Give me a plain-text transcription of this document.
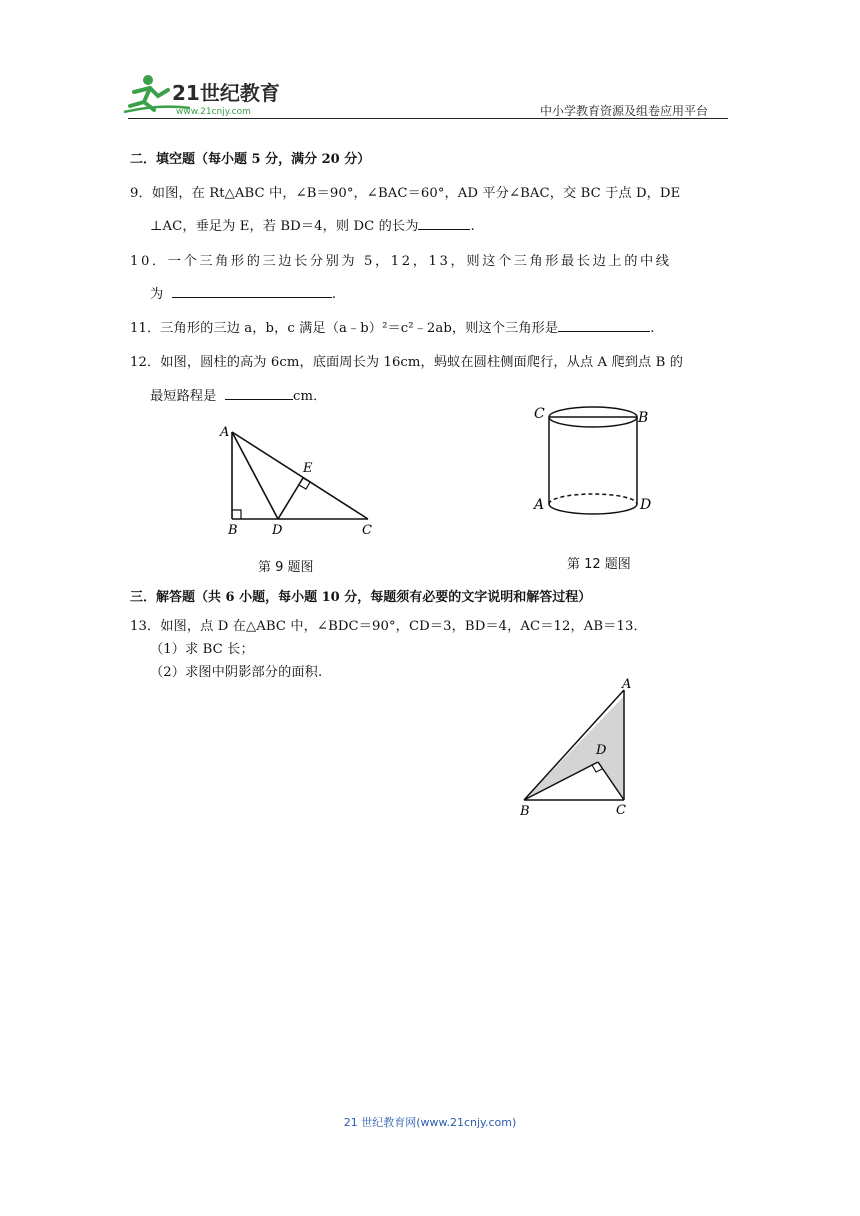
21世纪教育
www.21cnjy.com	中小学教育资源及组卷应用平台
二．填空题（每小题 5 分，满分 20 分）
9．如图，在 Rt△ABC 中，∠B＝90°，∠BAC＝60°，AD 平分∠BAC，交 BC 于点 D，DE
⊥AC，垂足为 E，若 BD＝4，则 DC 的长为	.
10．一个三角形的三边长分别为 5，12，13，则这个三角形最长边上的中线
为	.
11．三角形的三边 a，b，c 满足（a﹣b）²＝c²﹣2ab，则这个三角形是	.
12．如图，圆柱的高为 6cm，底面周长为 16cm，蚂蚁在圆柱侧面爬行，从点 A 爬到点 B 的
最短路程是	cm．
A
B	D	C
E
第 9 题图
C	B
A	D
第 12 题图
三．解答题（共 6 小题，每小题 10 分，每题须有必要的文字说明和解答过程）
13．如图，点 D 在△ABC 中，∠BDC＝90°，CD＝3，BD＝4，AC＝12，AB＝13．
（1）求 BC 长；
（2）求图中阴影部分的面积.
A
D
B	C
21 世纪教育网(www.21cnjy.com)
